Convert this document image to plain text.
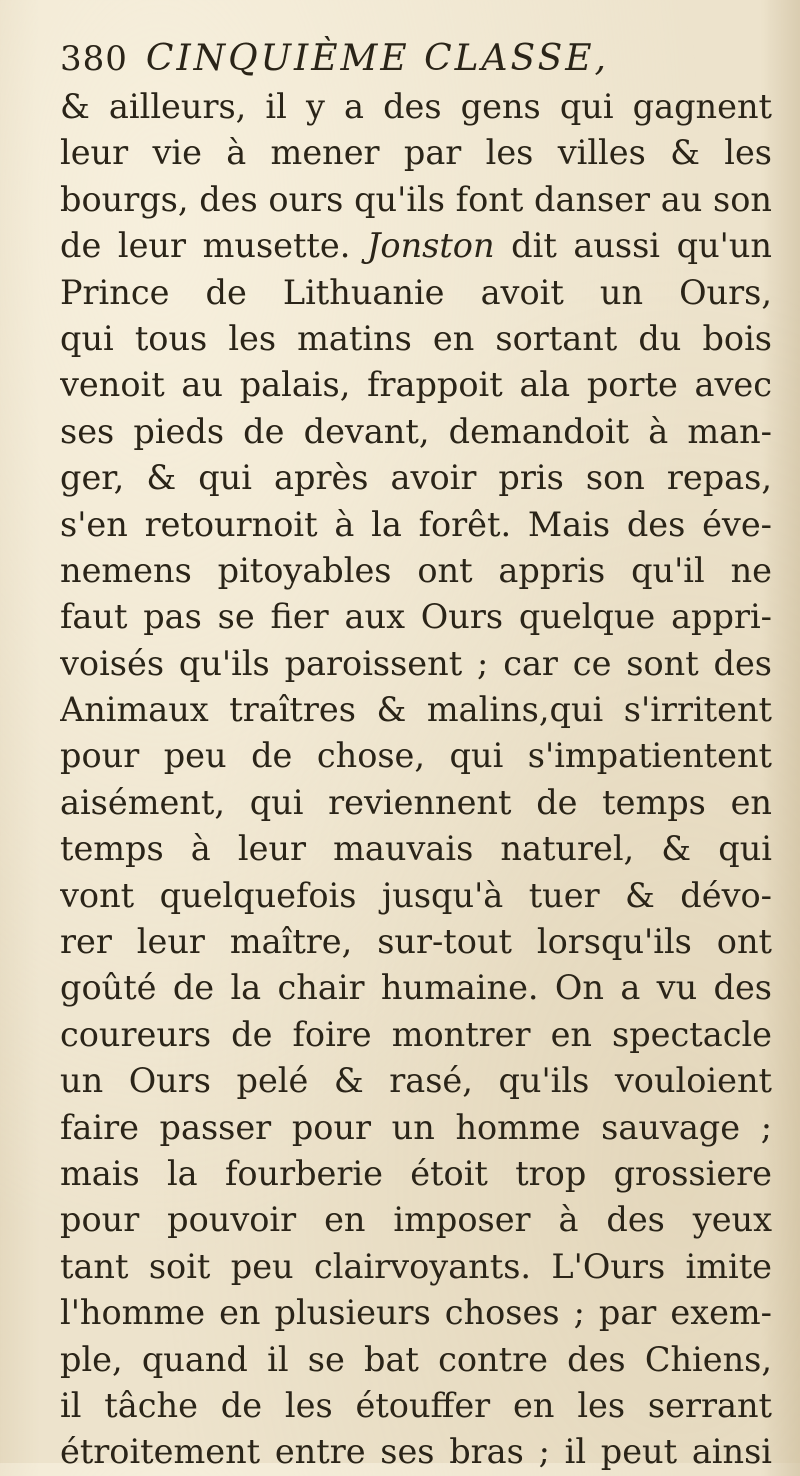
380 CINQUIÈME CLASSE,
& ailleurs, il y a des gens qui gagnent
leur vie à mener par les villes & les
bourgs, des ours qu'ils font danser au son
de leur musette. Jonston dit aussi qu'un
Prince de Lithuanie avoit un Ours,
qui tous les matins en sortant du bois
venoit au palais, frappoit ala porte avec
ses pieds de devant, demandoit à man-
ger, & qui après avoir pris son repas,
s'en retournoit à la forêt. Mais des éve-
nemens pitoyables ont appris qu'il ne
faut pas se fier aux Ours quelque appri-
voisés qu'ils paroissent ; car ce sont des
Animaux traîtres & malins,qui s'irritent
pour peu de chose, qui s'impatientent
aisément, qui reviennent de temps en
temps à leur mauvais naturel, & qui
vont quelquefois jusqu'à tuer & dévo-
rer leur maître, sur-tout lorsqu'ils ont
goûté de la chair humaine. On a vu des
coureurs de foire montrer en spectacle
un Ours pelé & rasé, qu'ils vouloient
faire passer pour un homme sauvage ;
mais la fourberie étoit trop grossiere
pour pouvoir en imposer à des yeux
tant soit peu clairvoyants. L'Ours imite
l'homme en plusieurs choses ; par exem-
ple, quand il se bat contre des Chiens,
il tâche de les étouffer en les serrant
étroitement entre ses bras ; il peut ainsi
